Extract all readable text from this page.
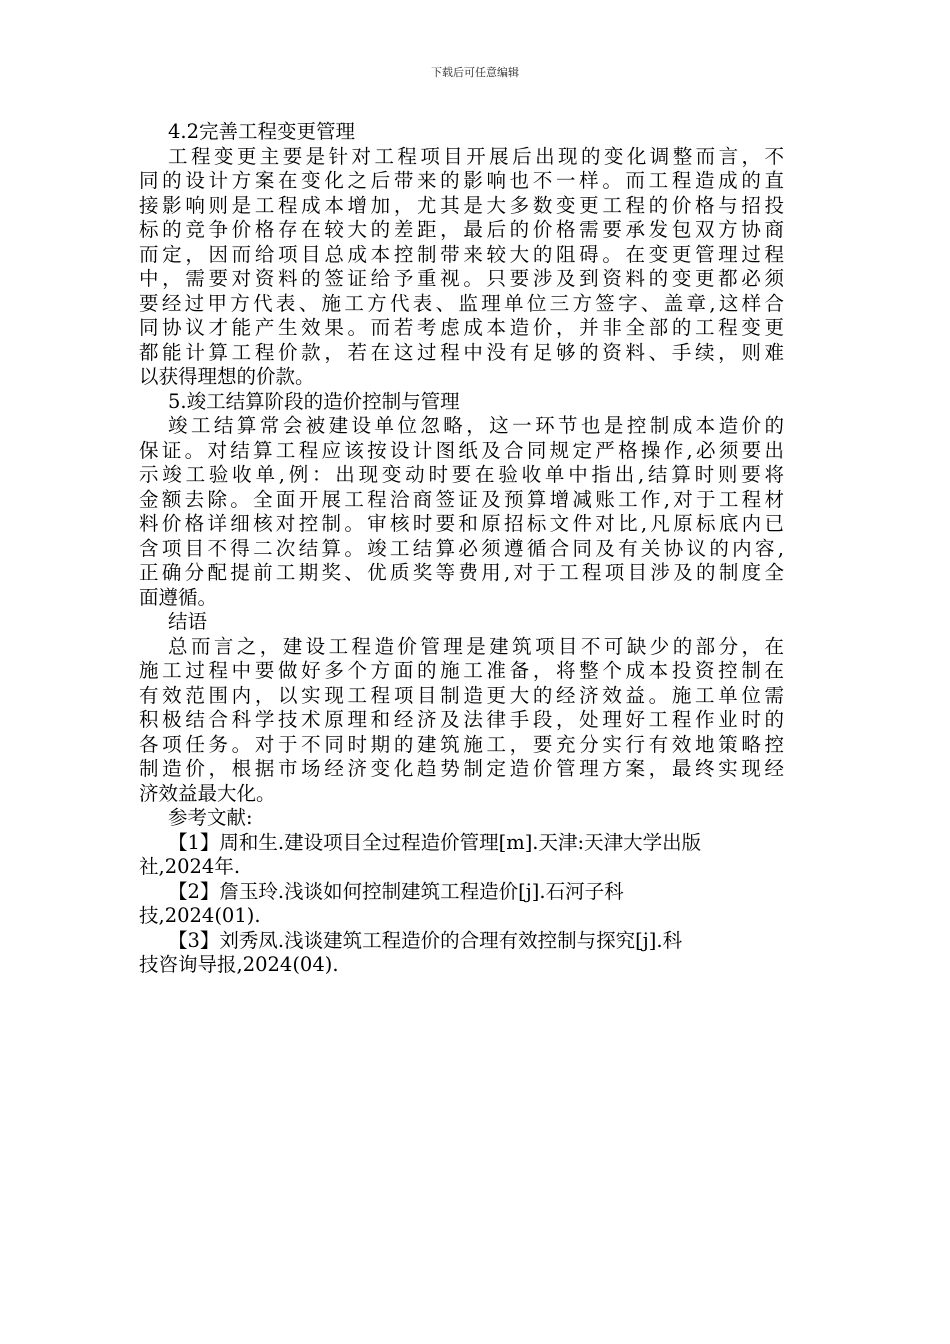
下载后可任意编辑
4.2完善工程变更管理
工程变更主要是针对工程项目开展后出现的变化调整而言，不
同的设计方案在变化之后带来的影响也不一样。而工程造成的直
接影响则是工程成本增加，尤其是大多数变更工程的价格与招投
标的竞争价格存在较大的差距，最后的价格需要承发包双方协商
而定，因而给项目总成本控制带来较大的阻碍。在变更管理过程
中，需要对资料的签证给予重视。只要涉及到资料的变更都必须
要经过甲方代表、施工方代表、监理单位三方签字、盖章,这样合
同协议才能产生效果。而若考虑成本造价，并非全部的工程变更
都能计算工程价款，若在这过程中没有足够的资料、手续，则难
以获得理想的价款。
5.竣工结算阶段的造价控制与管理
竣工结算常会被建设单位忽略，这一环节也是控制成本造价的
保证。对结算工程应该按设计图纸及合同规定严格操作,必须要出
示竣工验收单,例：出现变动时要在验收单中指出,结算时则要将
金额去除。全面开展工程洽商签证及预算增减账工作,对于工程材
料价格详细核对控制。审核时要和原招标文件对比,凡原标底内已
含项目不得二次结算。竣工结算必须遵循合同及有关协议的内容,
正确分配提前工期奖、优质奖等费用,对于工程项目涉及的制度全
面遵循。
结语
总而言之，建设工程造价管理是建筑项目不可缺少的部分，在
施工过程中要做好多个方面的施工准备，将整个成本投资控制在
有效范围内，以实现工程项目制造更大的经济效益。施工单位需
积极结合科学技术原理和经济及法律手段，处理好工程作业时的
各项任务。对于不同时期的建筑施工，要充分实行有效地策略控
制造价，根据市场经济变化趋势制定造价管理方案，最终实现经
济效益最大化。
参考文献:
【1】周和生.建设项目全过程造价管理[m].天津:天津大学出版
社,2024年.
【2】詹玉玲.浅谈如何控制建筑工程造价[j].石河子科
技,2024(01).
【3】刘秀凤.浅谈建筑工程造价的合理有效控制与探究[j].科
技咨询导报,2024(04).
